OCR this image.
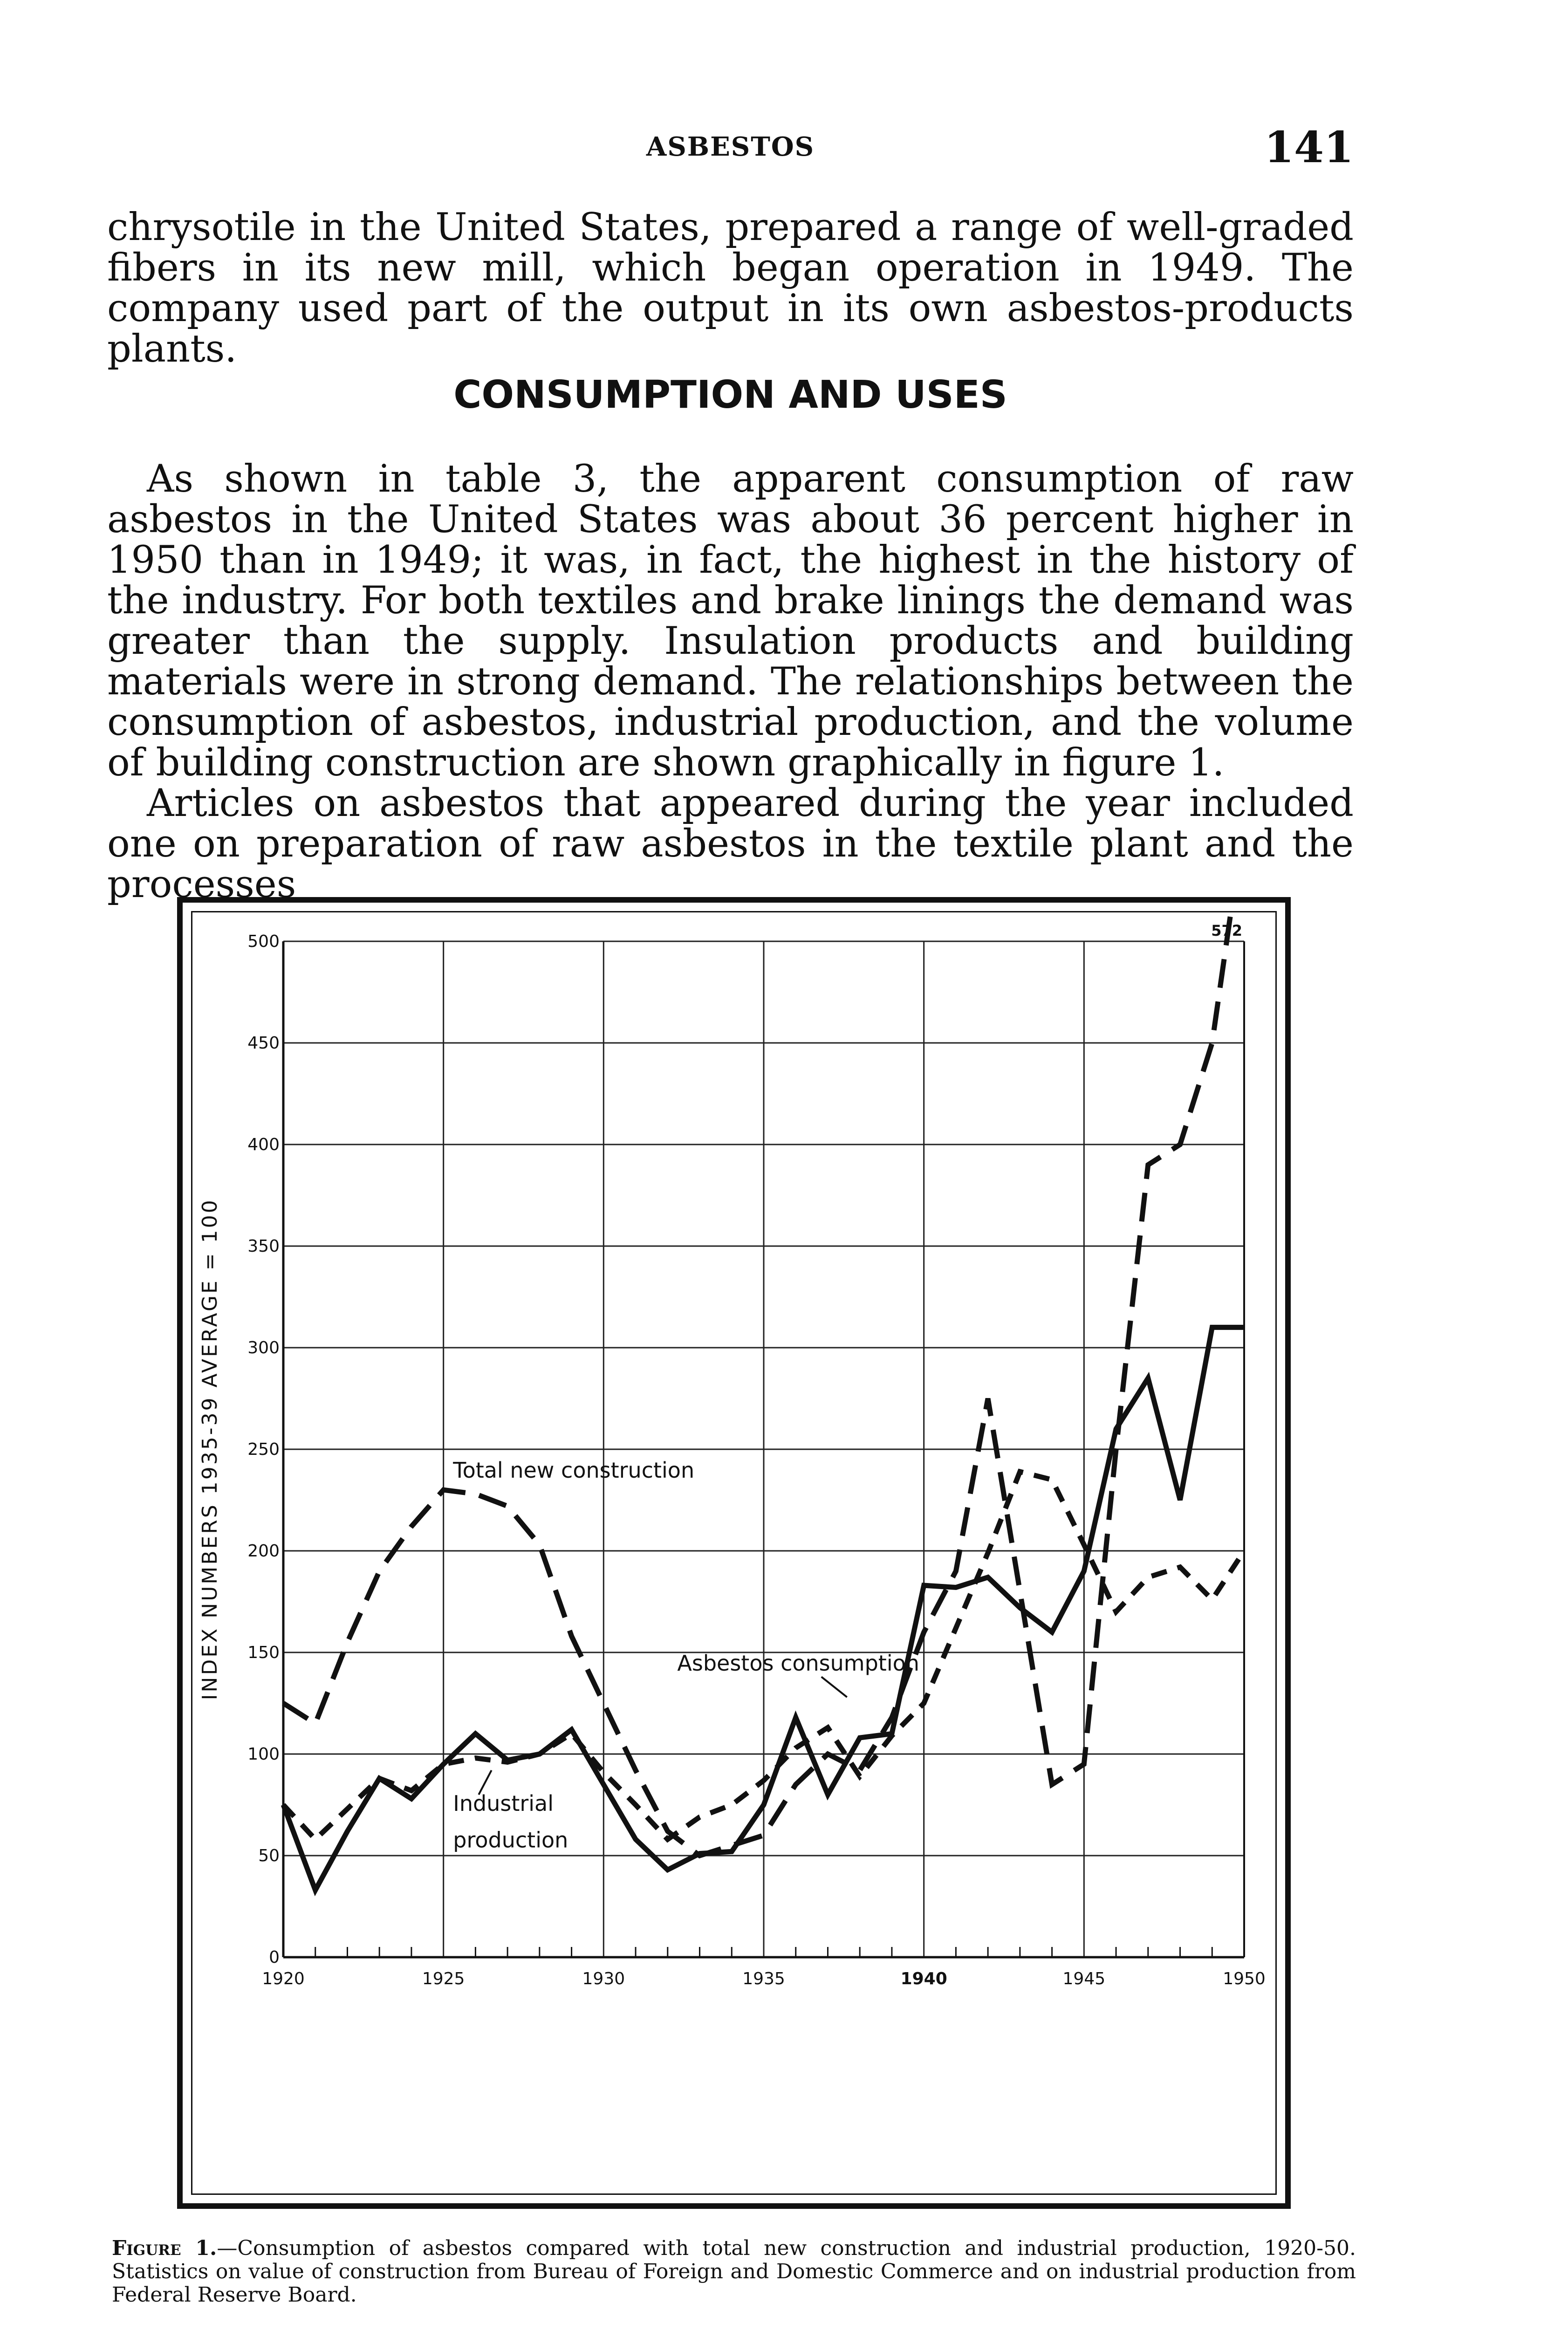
ASBESTOS	141

chrysotile in the United States, prepared a range of well-graded fibers in its new mill, which began operation in 1949. The company used part of the output in its own asbestos-products plants.

CONSUMPTION AND USES

As shown in table 3, the apparent consumption of raw asbestos in the United States was about 36 percent higher in 1950 than in 1949; it was, in fact, the highest in the history of the industry. For both textiles and brake linings the demand was greater than the supply. Insulation products and building materials were in strong demand. The relationships between the consumption of asbestos, industrial production, and the volume of building construction are shown graphically in figure 1.

Articles on asbestos that appeared during the year included one on preparation of raw asbestos in the textile plant and the processes

1920	1925	1930	1935	1940	1945	1950
0
50
100
150
200
250
300
350
400
450
500
INDEX NUMBERS 1935-39 AVERAGE = 100
572
Total new construction
Asbestos consumption
Industrial
production
Figure 1.—Consumption of asbestos compared with total new construction and industrial production, 1920-50. Statistics on value of construction from Bureau of Foreign and Domestic Commerce and on industrial production from Federal Reserve Board.
